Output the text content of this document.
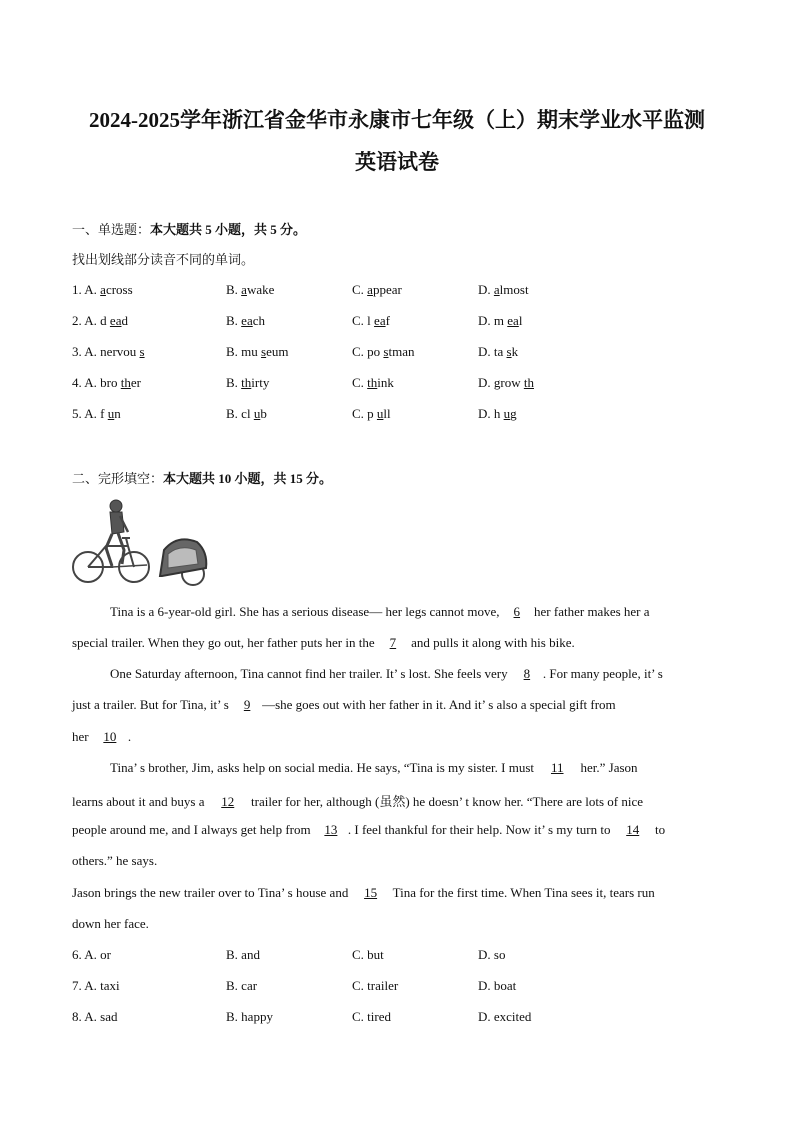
2024-2025学年浙江省金华市永康市七年级（上）期末学业水平监测
英语试卷
一、单选题：本大题共 5 小题，共 5 分。
找出划线部分读音不同的单词。
1. A. across	B. awake	C. appear	D. almost
2. A. d ead	B. each	C. l eaf	D. m eal
3. A. nervou s	B. mu seum	C. po stman	D. ta sk
4. A. bro ther	B. thirty	C. think	D. grow th
5. A. f un	B. cl ub	C. p ull	D. h ug
二、完形填空：本大题共 10 小题，共 15 分。
Tina is a 6-year-old girl. She has a serious disease— her legs cannot move, 6 her father makes her a
special trailer. When they go out, her father puts her in the 7 and pulls it along with his bike.
One Saturday afternoon, Tina cannot find her trailer. It’ s lost. She feels very 8 . For many people, it’ s
just a trailer. But for Tina, it’ s 9 —she goes out with her father in it. And it’ s also a special gift from
her 10 .
Tina’ s brother, Jim, asks help on social media. He says, “Tina is my sister. I must 11 her.” Jason
learns about it and buys a 12 trailer for her, although (虽然) he doesn’ t know her. “There are lots of nice
people around me, and I always get help from 13 . I feel thankful for their help. Now it’ s my turn to 14 to
others.” he says.
Jason brings the new trailer over to Tina’ s house and 15 Tina for the first time. When Tina sees it, tears run
down her face.
6. A. or	B. and	C. but	D. so
7. A. taxi	B. car	C. trailer	D. boat
8. A. sad	B. happy	C. tired	D. excited
